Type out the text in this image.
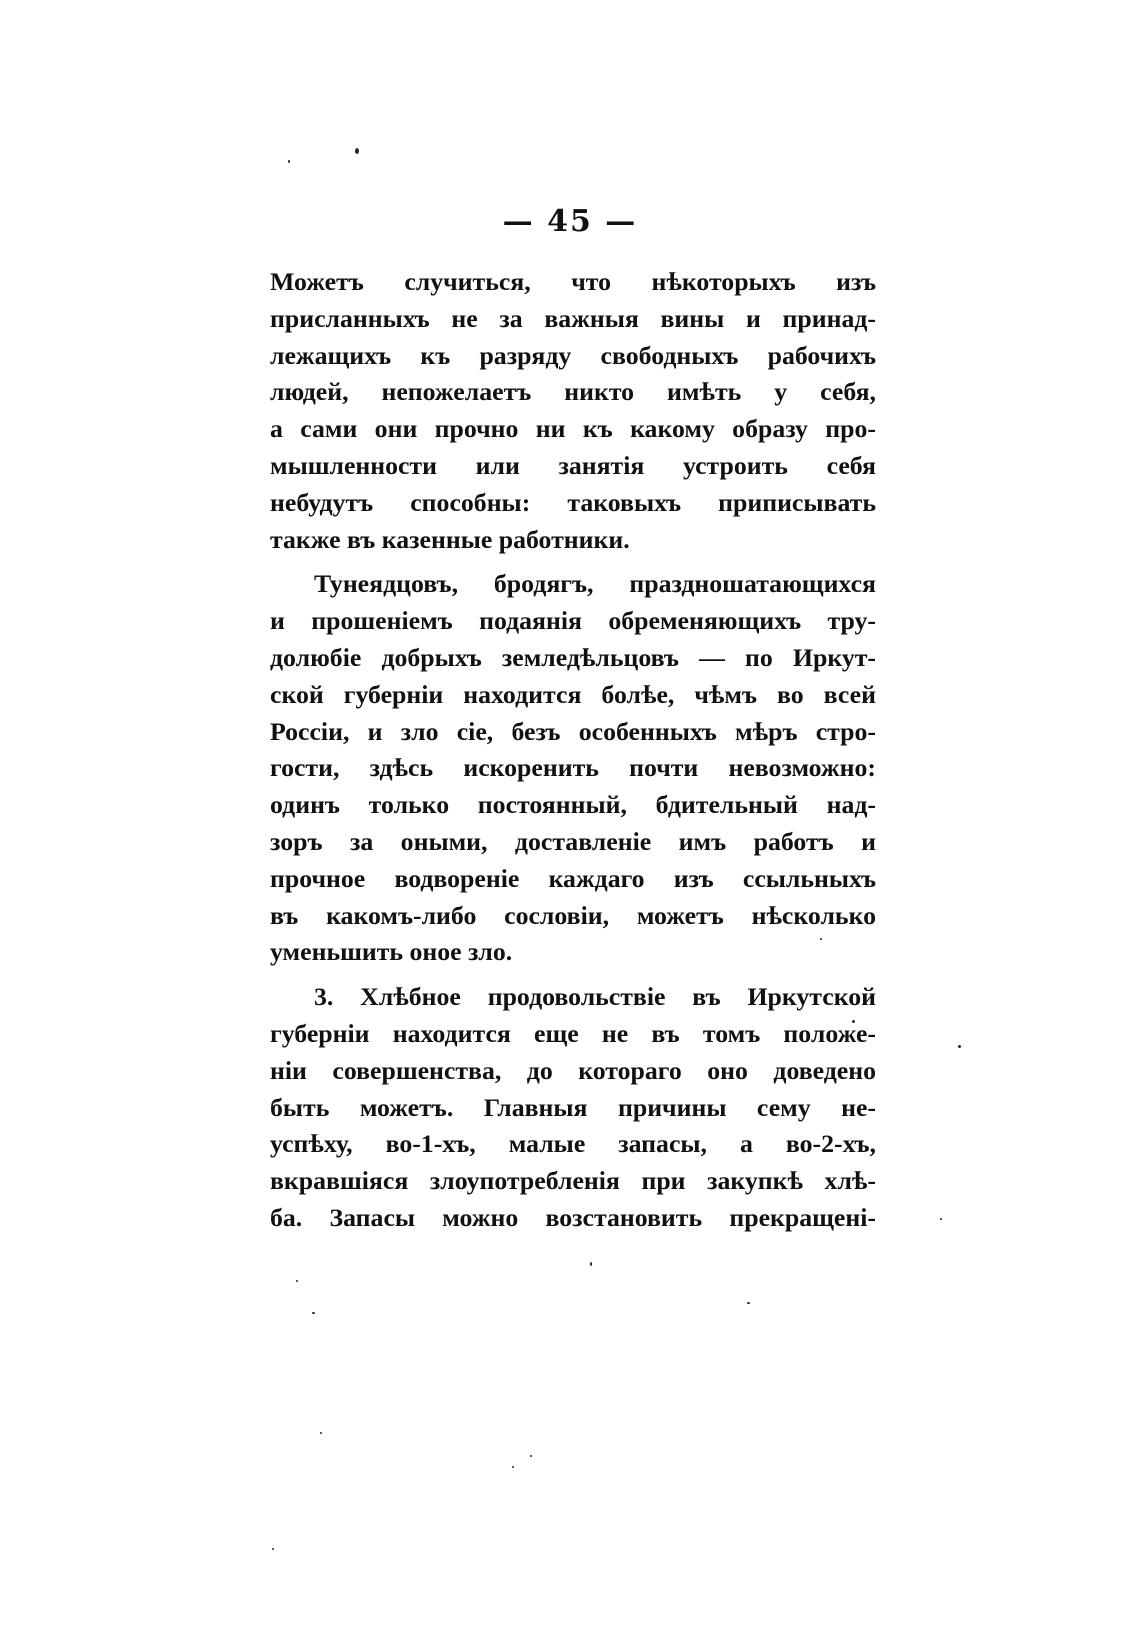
— 45 —
Можетъ случиться, что нѣкоторыхъ изъ
присланныхъ не за важныя вины и принад-
лежащихъ къ разряду свободныхъ рабочихъ
людей, непожелаетъ никто имѣть у себя,
а сами они прочно ни къ какому образу про-
мышленности или занятія устроить себя
небудутъ способны: таковыхъ приписывать
также въ казенные работники.
Тунеядцовъ, бродягъ, праздношатающихся
и прошеніемъ подаянія обременяющихъ тру-
долюбіе добрыхъ земледѣльцовъ — по Иркут-
ской губерніи находится болѣе, чѣмъ во всей
Россіи, и зло сіе, безъ особенныхъ мѣръ стро-
гости, здѣсь искоренить почти невозможно:
одинъ только постоянный, бдительный над-
зоръ за оными, доставленіе имъ работъ и
прочное водвореніе каждаго изъ ссыльныхъ
въ какомъ-либо сословіи, можетъ нѣсколько
уменьшить оное зло.
3. Хлѣбное продовольствіе въ Иркутской
губерніи находится еще не въ томъ положе-
ніи совершенства, до котораго оно доведено
быть можетъ. Главныя причины сему не-
успѣху, во-1-хъ, малые запасы, а во-2-хъ,
вкравшіяся злоупотребленія при закупкѣ хлѣ-
ба. Запасы можно возстановить прекращені-
